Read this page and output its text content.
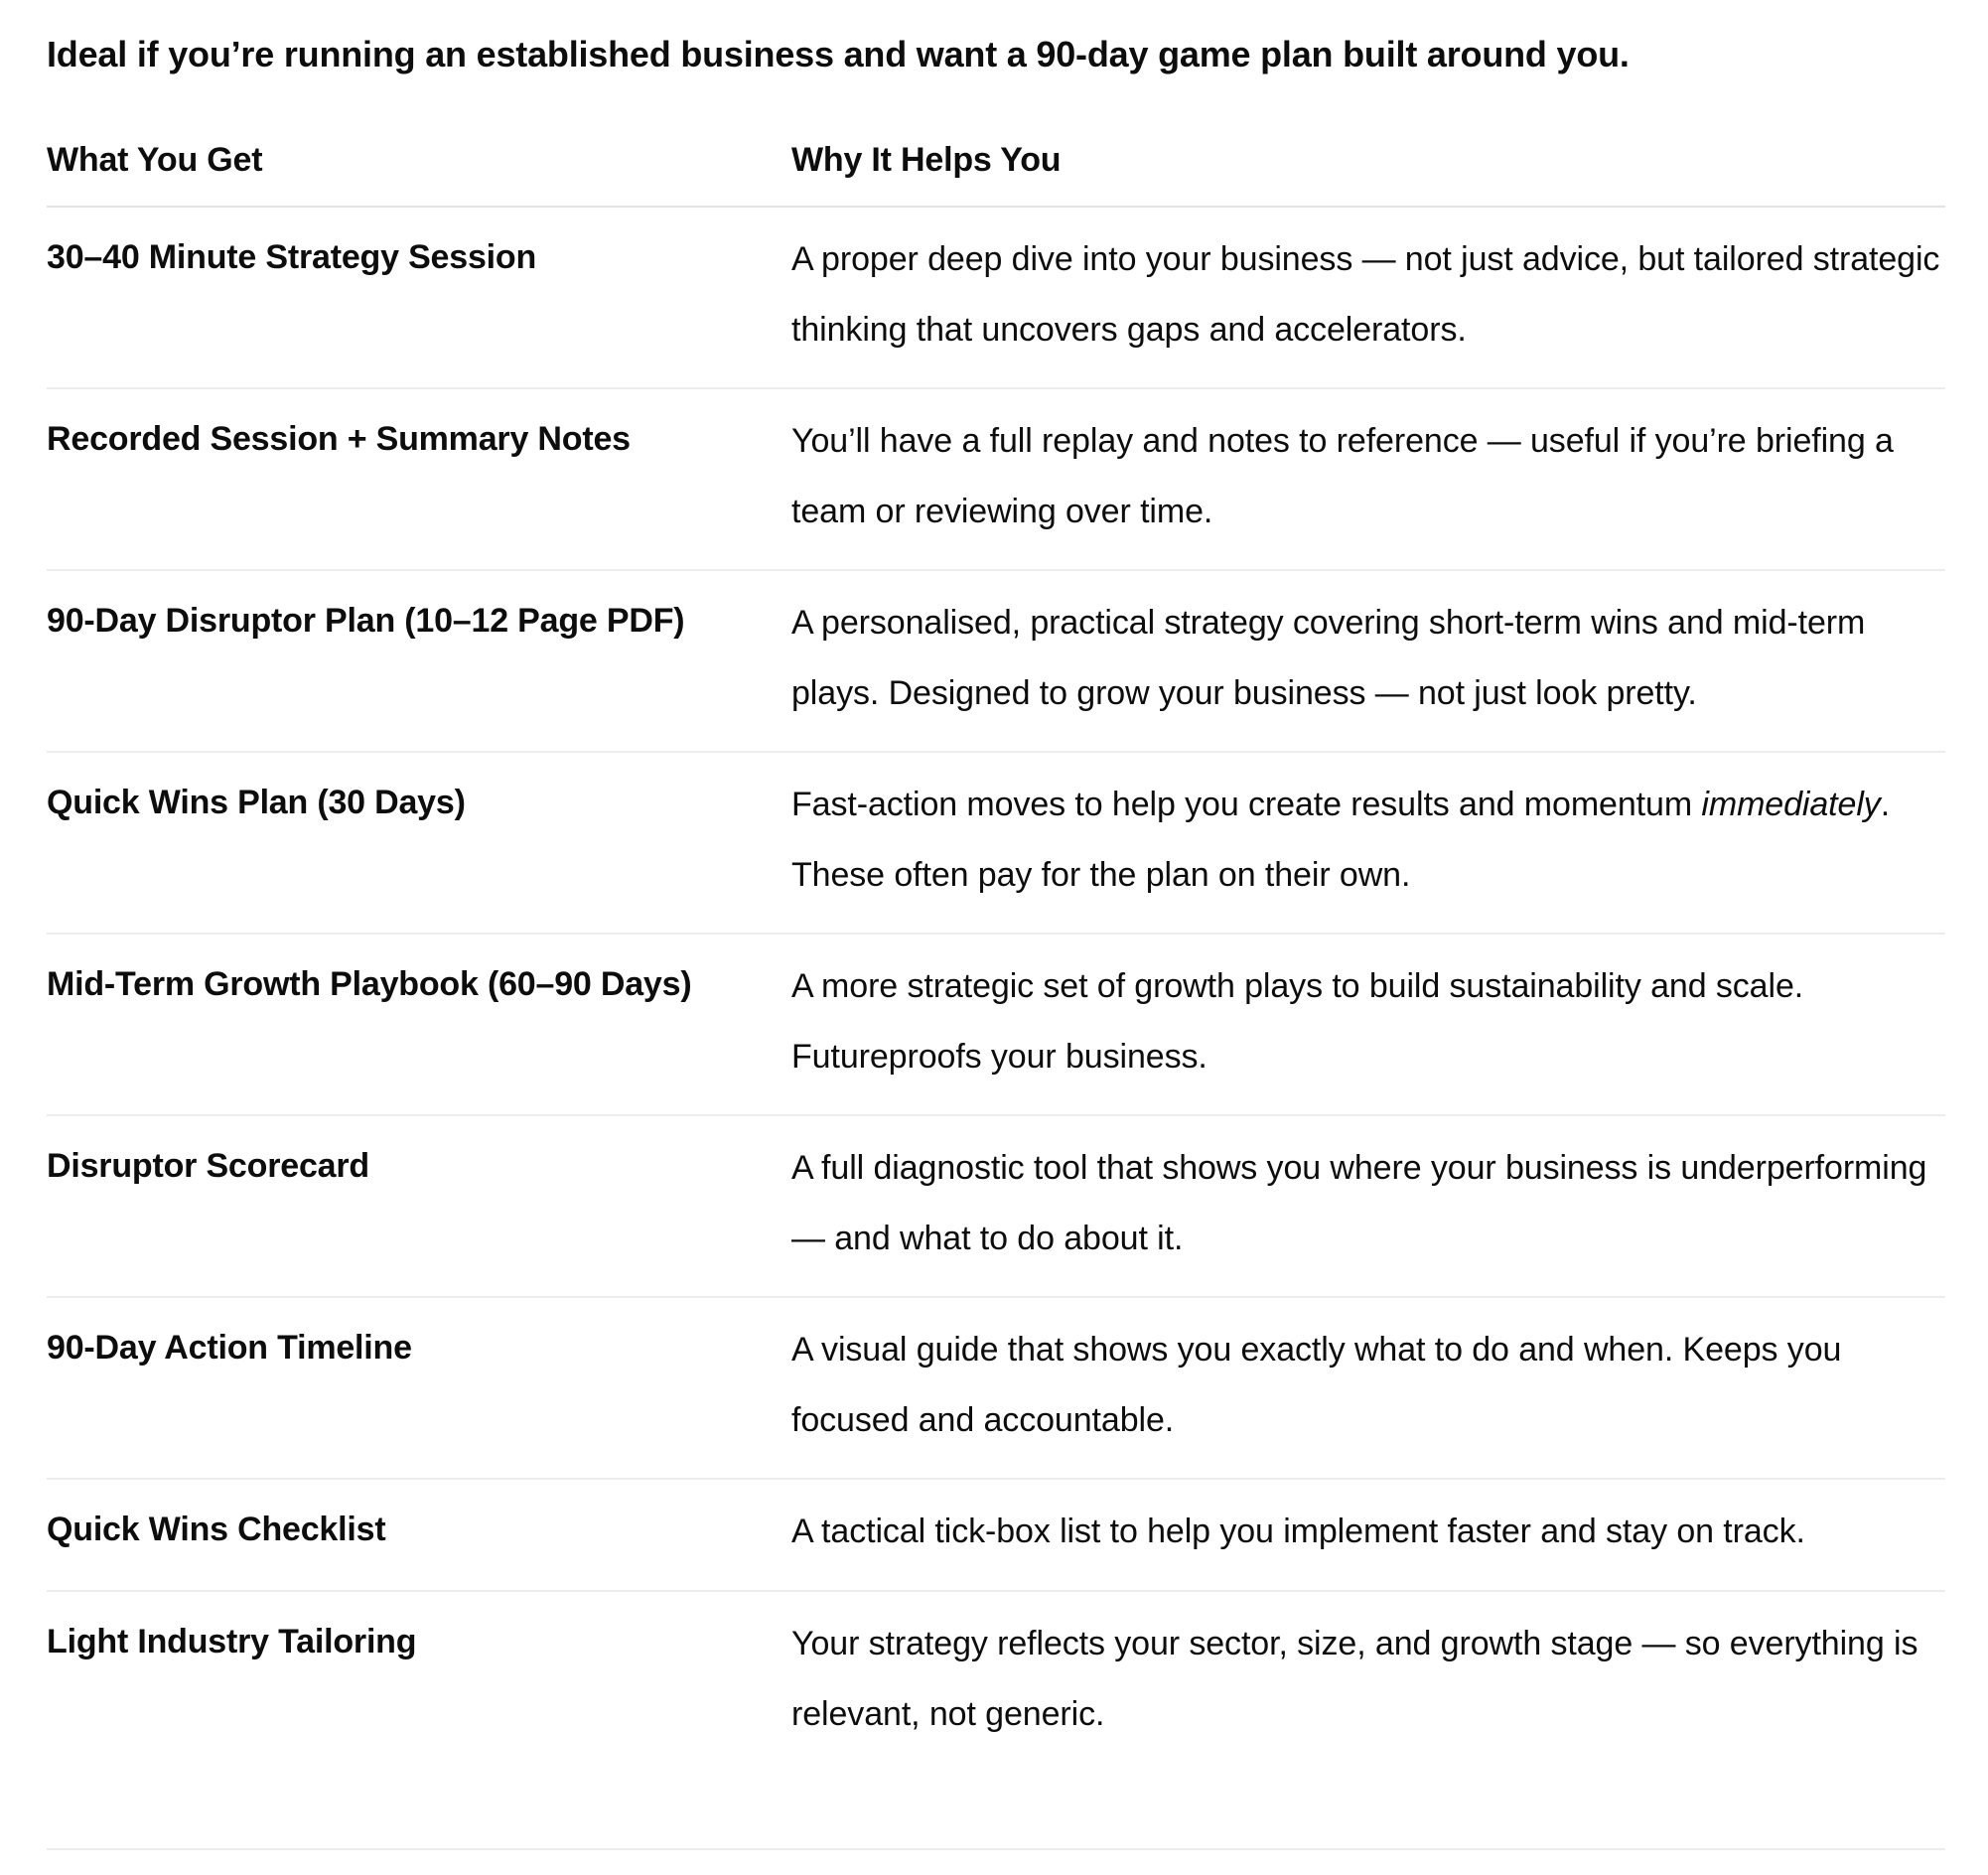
Ideal if you’re running an established business and want a 90-day game plan built around you.

What You Get	Why It Helps You
30–40 Minute Strategy Session	A proper deep dive into your business — not just advice, but tailored strategic thinking that uncovers gaps and accelerators.
Recorded Session + Summary Notes	You’ll have a full replay and notes to reference — useful if you’re briefing a team or reviewing over time.
90-Day Disruptor Plan (10–12 Page PDF)	A personalised, practical strategy covering short-term wins and mid-term plays. Designed to grow your business — not just look pretty.
Quick Wins Plan (30 Days)	Fast-action moves to help you create results and momentum immediately. These often pay for the plan on their own.
Mid-Term Growth Playbook (60–90 Days)	A more strategic set of growth plays to build sustainability and scale. Futureproofs your business.
Disruptor Scorecard	A full diagnostic tool that shows you where your business is underperforming — and what to do about it.
90-Day Action Timeline	A visual guide that shows you exactly what to do and when. Keeps you focused and accountable.
Quick Wins Checklist	A tactical tick-box list to help you implement faster and stay on track.
Light Industry Tailoring	Your strategy reflects your sector, size, and growth stage — so everything is relevant, not generic.
